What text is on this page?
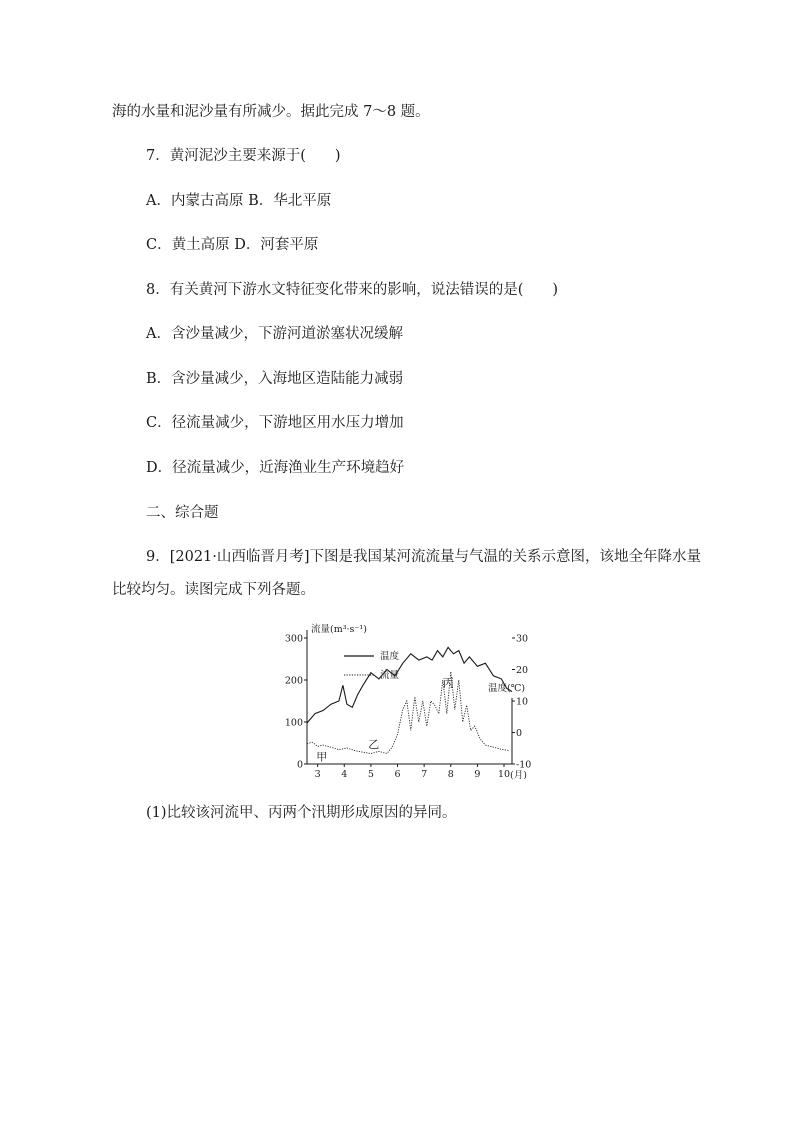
海的水量和泥沙量有所减少。据此完成 7～8 题。
7．黄河泥沙主要来源于(　　)
A．内蒙古高原 B．华北平原
C．黄土高原 D．河套平原
8．有关黄河下游水文特征变化带来的影响，说法错误的是(　　)
A．含沙量减少，下游河道淤塞状况缓解
B．含沙量减少，入海地区造陆能力减弱
C．径流量减少，下游地区用水压力增加
D．径流量减少，近海渔业生产环境趋好
二、综合题
9．[2021·山西临晋月考]下图是我国某河流流量与气温的关系示意图，该地全年降水量
比较均匀。读图完成下列各题。
流量(m³·s⁻¹)
温度(℃)
300
200
100
0
30
20
10
0
-10
3 4 5 6 7 8 9 10 (月)
温度
流量
甲
乙
丙
(1)比较该河流甲、丙两个汛期形成原因的异同。
